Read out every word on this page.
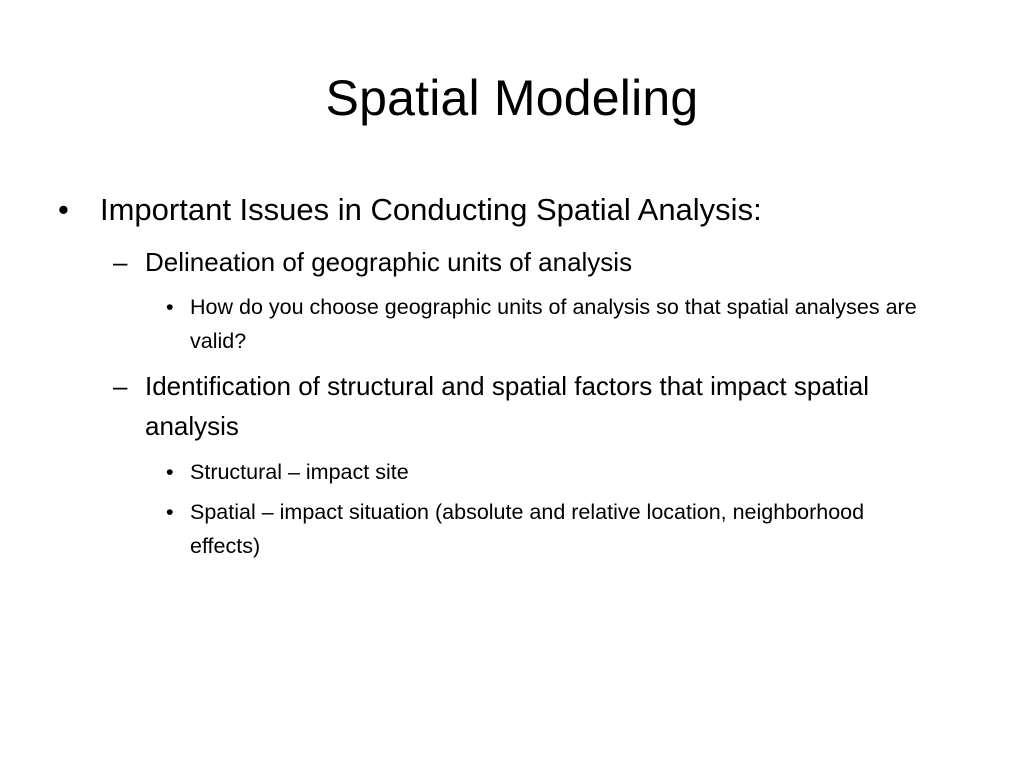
Spatial Modeling
• Important Issues in Conducting Spatial Analysis:
– Delineation of geographic units of analysis
• How do you choose geographic units of analysis so that spatial analyses are valid?
– Identification of structural and spatial factors that impact spatial analysis
• Structural – impact site
• Spatial – impact situation (absolute and relative location, neighborhood effects)
